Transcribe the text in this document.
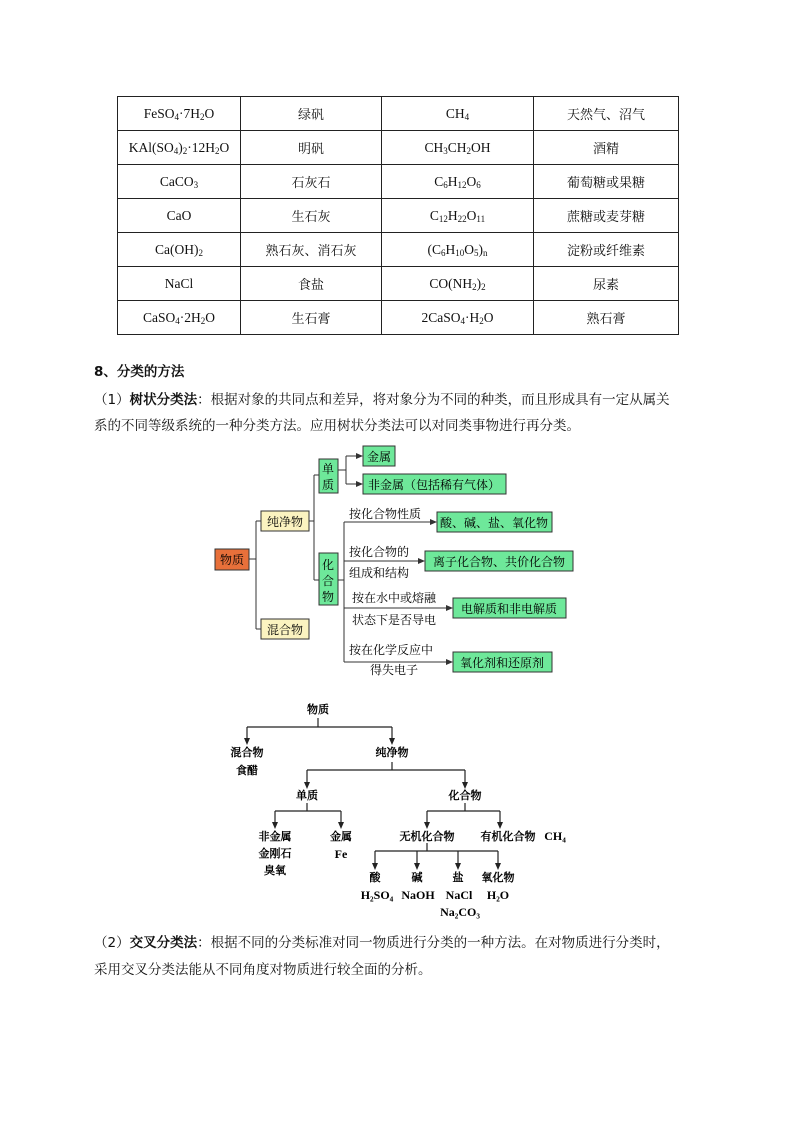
$FeSO_4\cdot 7H_2O$	绿矾	$CH_4$	天然气、沼气
$KAl(SO_4)_2\cdot 12H_2O$	明矾	$CH_3CH_2OH$	酒精
CaCO$_3$	石灰石	$C_6H_{12}O_6$	葡萄糖或果糖
CaO	生石灰	$C_{12}H_{22}O_{11}$	蔗糖或麦芽糖
$Ca(OH)_2$	熟石灰、消石灰	$(C_6H_{10}O_5)_n$	淀粉或纤维素
NaCl	食盐	$CO(NH_2)_2$	尿素
$CaSO_4\cdot 2H_2O$	生石膏	$2CaSO_4\cdot H_2O$	熟石膏
8、分类的方法
（1）树状分类法：根据对象的共同点和差异，将对象分为不同的种类，而且形成具有一定从属关
系的不同等级系统的一种分类方法。应用树状分类法可以对同类事物进行再分类。
物质
纯净物
混合物
单
质
化
合
物
金属
非金属（包括稀有气体）
按化合物性质
酸、碱、盐、氧化物
按化合物的
组成和结构
离子化合物、共价化合物
按在水中或熔融
状态下是否导电
电解质和非电解质
按在化学反应中
得失电子	氧化剂和还原剂
物质
混合物
食醋
纯净物
单质	化合物
非金属
金刚石
臭氧
金属
Fe
无机化合物 有机化合物 CH₄
酸
H₂SO₄
碱
NaOH
盐
NaCl
Na₂CO₃
氧化物
H₂O
（2）交叉分类法：根据不同的分类标准对同一物质进行分类的一种方法。在对物质进行分类时，
采用交叉分类法能从不同角度对物质进行较全面的分析。
